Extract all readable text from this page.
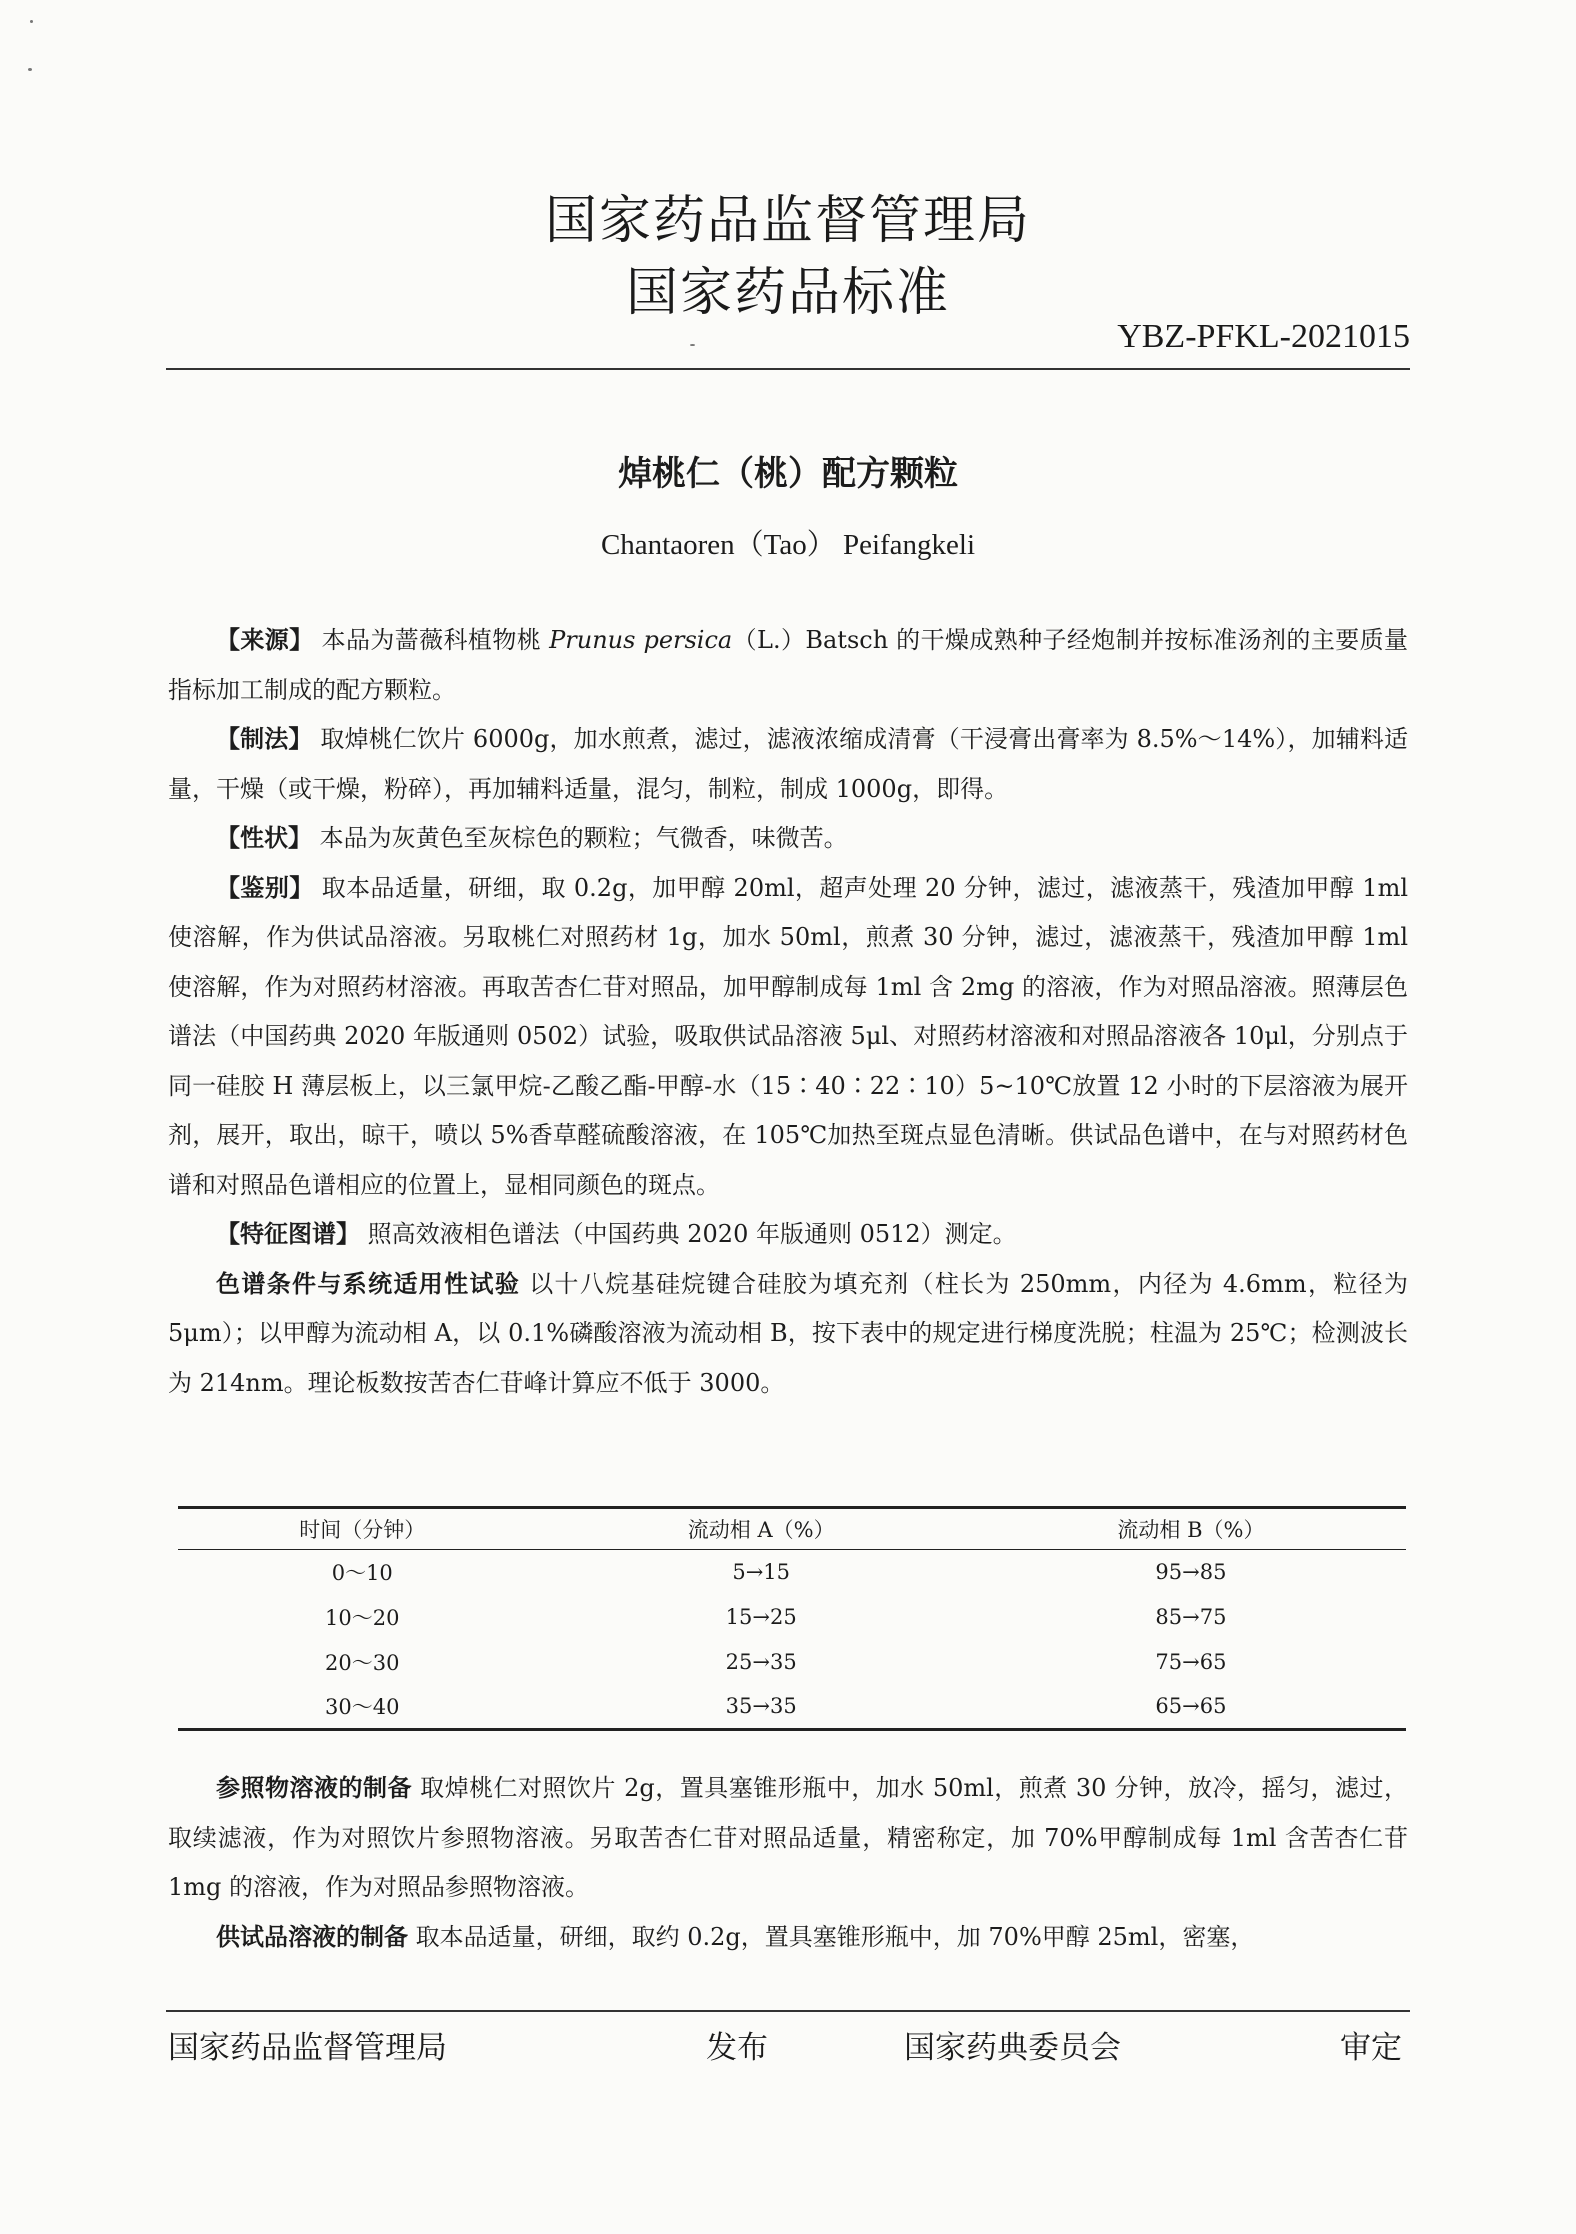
国家药品监督管理局
国家药品标准
YBZ-PFKL-2021015
焯桃仁（桃）配方颗粒
Chantaoren（Tao） Peifangkeli

【来源】 本品为蔷薇科植物桃 Prunus persica（L.）Batsch 的干燥成熟种子经炮制并按标准汤剂的主要质量指标加工制成的配方颗粒。

【制法】 取焯桃仁饮片 6000g，加水煎煮，滤过，滤液浓缩成清膏（干浸膏出膏率为 8.5%～14%），加辅料适量，干燥（或干燥，粉碎），再加辅料适量，混匀，制粒，制成 1000g，即得。

【性状】 本品为灰黄色至灰棕色的颗粒；气微香，味微苦。

【鉴别】 取本品适量，研细，取 0.2g，加甲醇 20ml，超声处理 20 分钟，滤过，滤液蒸干，残渣加甲醇 1ml 使溶解，作为供试品溶液。另取桃仁对照药材 1g，加水 50ml，煎煮 30 分钟，滤过，滤液蒸干，残渣加甲醇 1ml 使溶解，作为对照药材溶液。再取苦杏仁苷对照品，加甲醇制成每 1ml 含 2mg 的溶液，作为对照品溶液。照薄层色谱法（中国药典 2020 年版通则 0502）试验，吸取供试品溶液 5μl、对照药材溶液和对照品溶液各 10μl，分别点于同一硅胶 H 薄层板上，以三氯甲烷-乙酸乙酯-甲醇-水（15∶40∶22∶10）5~10℃放置 12 小时的下层溶液为展开剂，展开，取出，晾干，喷以 5%香草醛硫酸溶液，在 105℃加热至斑点显色清晰。供试品色谱中，在与对照药材色谱和对照品色谱相应的位置上，显相同颜色的斑点。

【特征图谱】 照高效液相色谱法（中国药典 2020 年版通则 0512）测定。

色谱条件与系统适用性试验 以十八烷基硅烷键合硅胶为填充剂（柱长为 250mm，内径为 4.6mm，粒径为 5μm）；以甲醇为流动相 A，以 0.1%磷酸溶液为流动相 B，按下表中的规定进行梯度洗脱；柱温为 25℃；检测波长为 214nm。理论板数按苦杏仁苷峰计算应不低于 3000。

时间（分钟）	流动相 A（%）	流动相 B（%）
0～10	5→15	95→85
10～20	15→25	85→75
20～30	25→35	75→65
30～40	35→35	65→65

参照物溶液的制备 取焯桃仁对照饮片 2g，置具塞锥形瓶中，加水 50ml，煎煮 30 分钟，放冷，摇匀，滤过，取续滤液，作为对照饮片参照物溶液。另取苦杏仁苷对照品适量，精密称定，加 70%甲醇制成每 1ml 含苦杏仁苷 1mg 的溶液，作为对照品参照物溶液。

供试品溶液的制备 取本品适量，研细，取约 0.2g，置具塞锥形瓶中，加 70%甲醇 25ml，密塞，

国家药品监督管理局	发布	国家药典委员会	审定
